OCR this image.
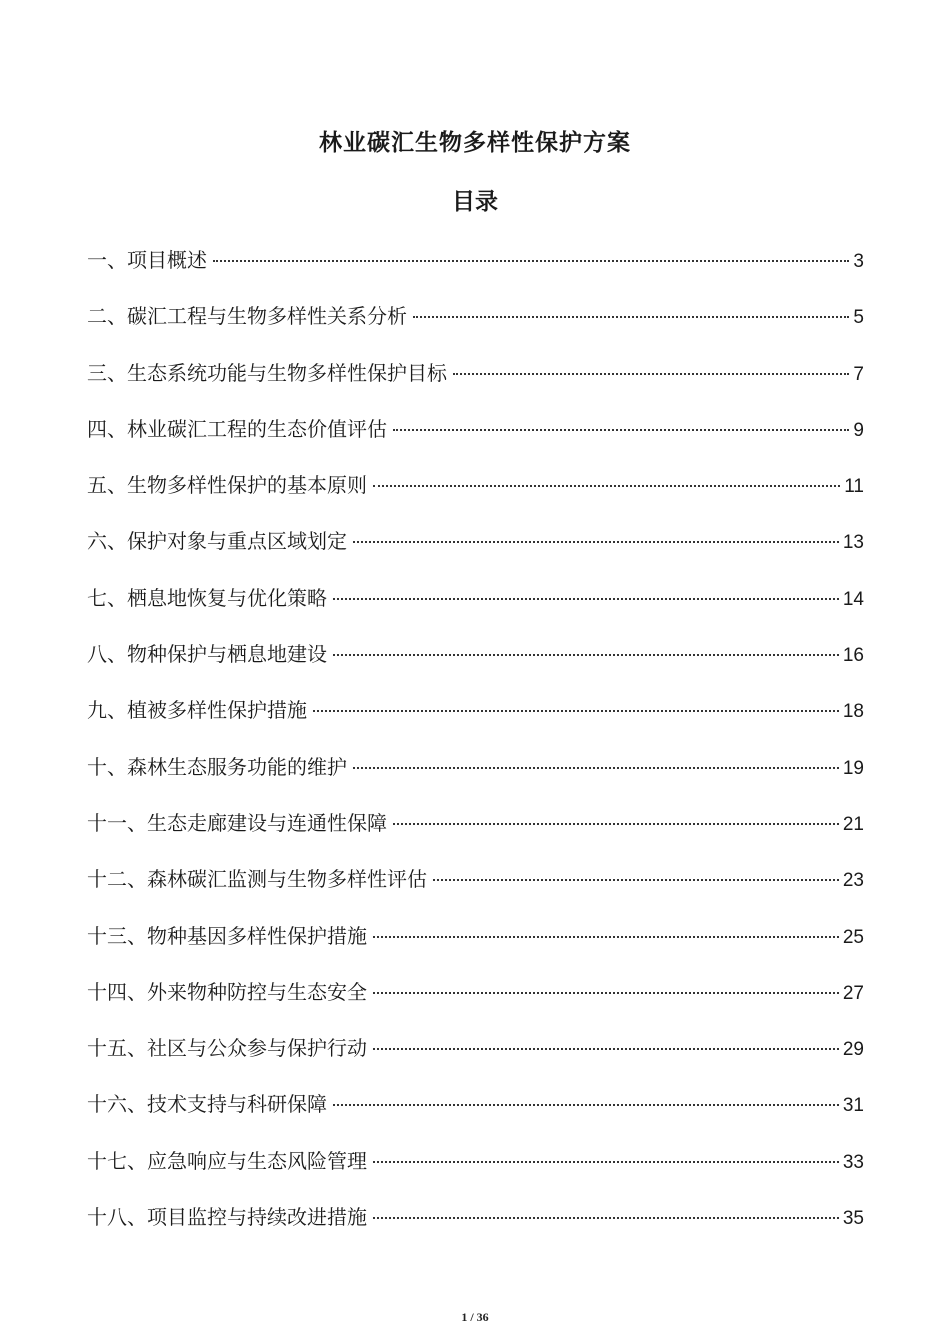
林业碳汇生物多样性保护方案
目录
一、项目概述	3
二、碳汇工程与生物多样性关系分析	5
三、生态系统功能与生物多样性保护目标	7
四、林业碳汇工程的生态价值评估	9
五、生物多样性保护的基本原则	11
六、保护对象与重点区域划定	13
七、栖息地恢复与优化策略	14
八、物种保护与栖息地建设	16
九、植被多样性保护措施	18
十、森林生态服务功能的维护	19
十一、生态走廊建设与连通性保障	21
十二、森林碳汇监测与生物多样性评估	23
十三、物种基因多样性保护措施	25
十四、外来物种防控与生态安全	27
十五、社区与公众参与保护行动	29
十六、技术支持与科研保障	31
十七、应急响应与生态风险管理	33
十八、项目监控与持续改进措施	35
1 / 36
